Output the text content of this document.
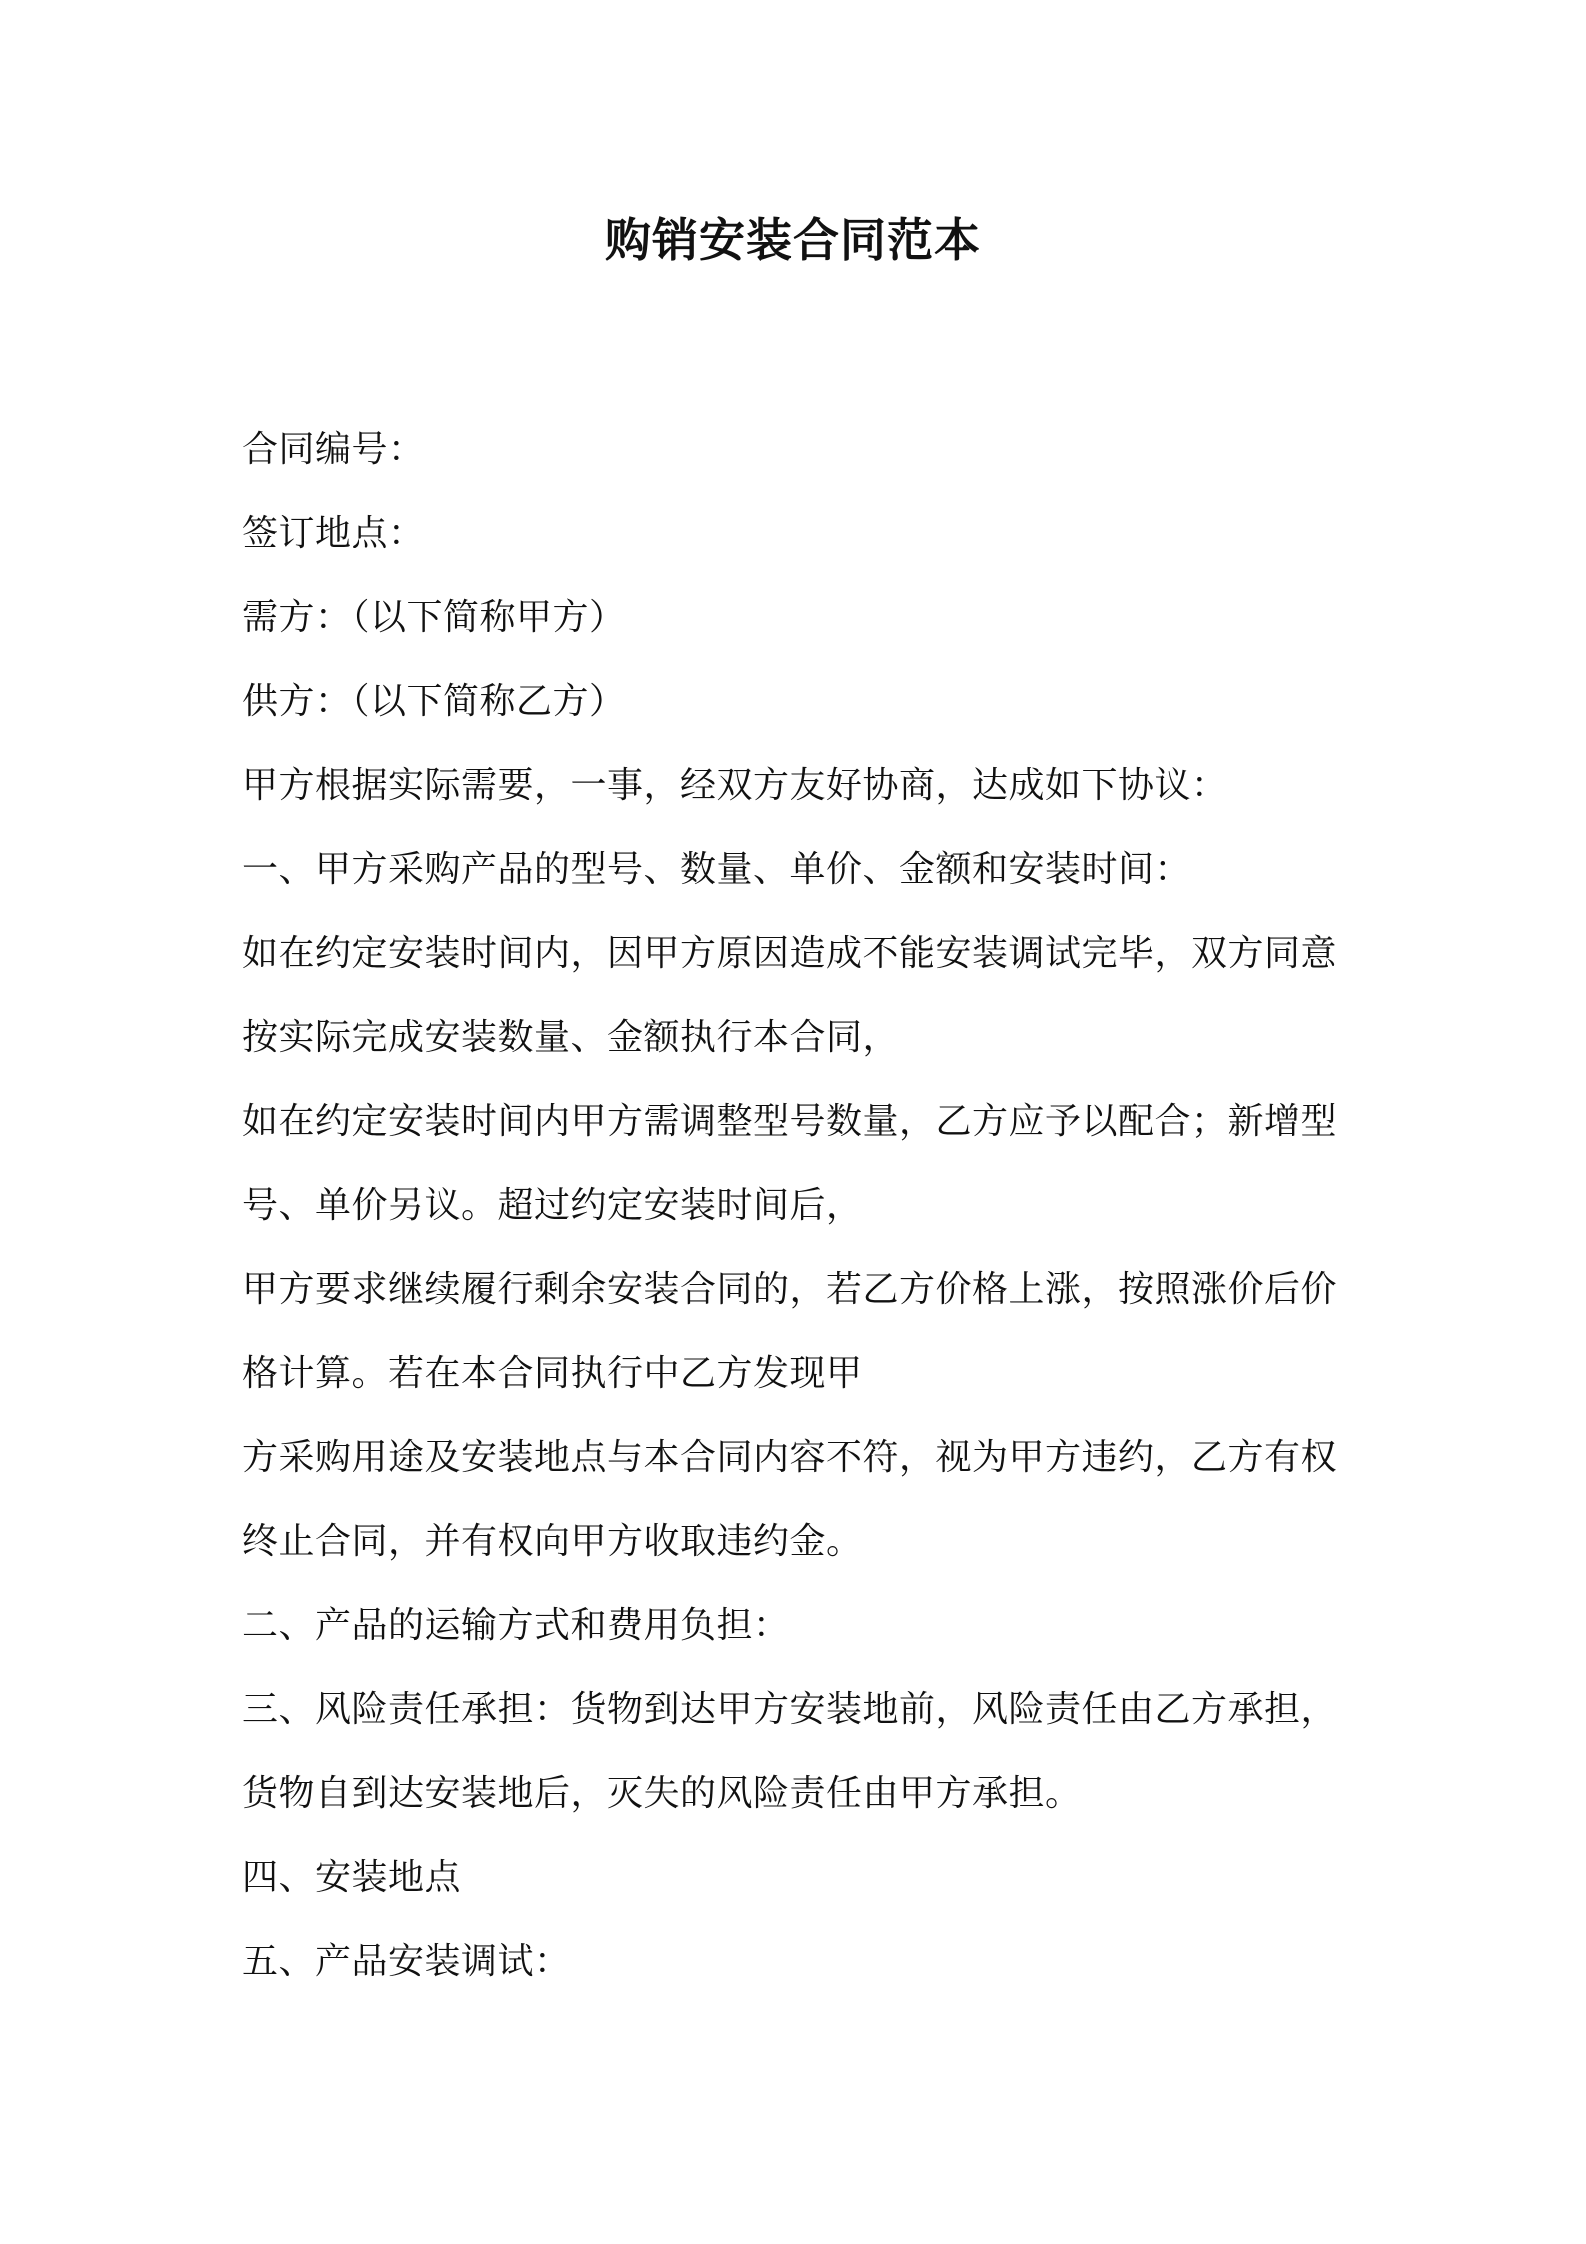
购销安装合同范本
合同编号：
签订地点：
需方：（以下简称甲方）
供方：（以下简称乙方）
甲方根据实际需要，一事，经双方友好协商，达成如下协议：
一、甲方采购产品的型号、数量、单价、金额和安装时间：
如在约定安装时间内，因甲方原因造成不能安装调试完毕，双方同意
按实际完成安装数量、金额执行本合同，
如在约定安装时间内甲方需调整型号数量，乙方应予以配合；新增型
号、单价另议。超过约定安装时间后，
甲方要求继续履行剩余安装合同的，若乙方价格上涨，按照涨价后价
格计算。若在本合同执行中乙方发现甲
方采购用途及安装地点与本合同内容不符，视为甲方违约，乙方有权
终止合同，并有权向甲方收取违约金。
二、产品的运输方式和费用负担：
三、风险责任承担：货物到达甲方安装地前，风险责任由乙方承担，
货物自到达安装地后，灭失的风险责任由甲方承担。
四、安装地点
五、产品安装调试：
